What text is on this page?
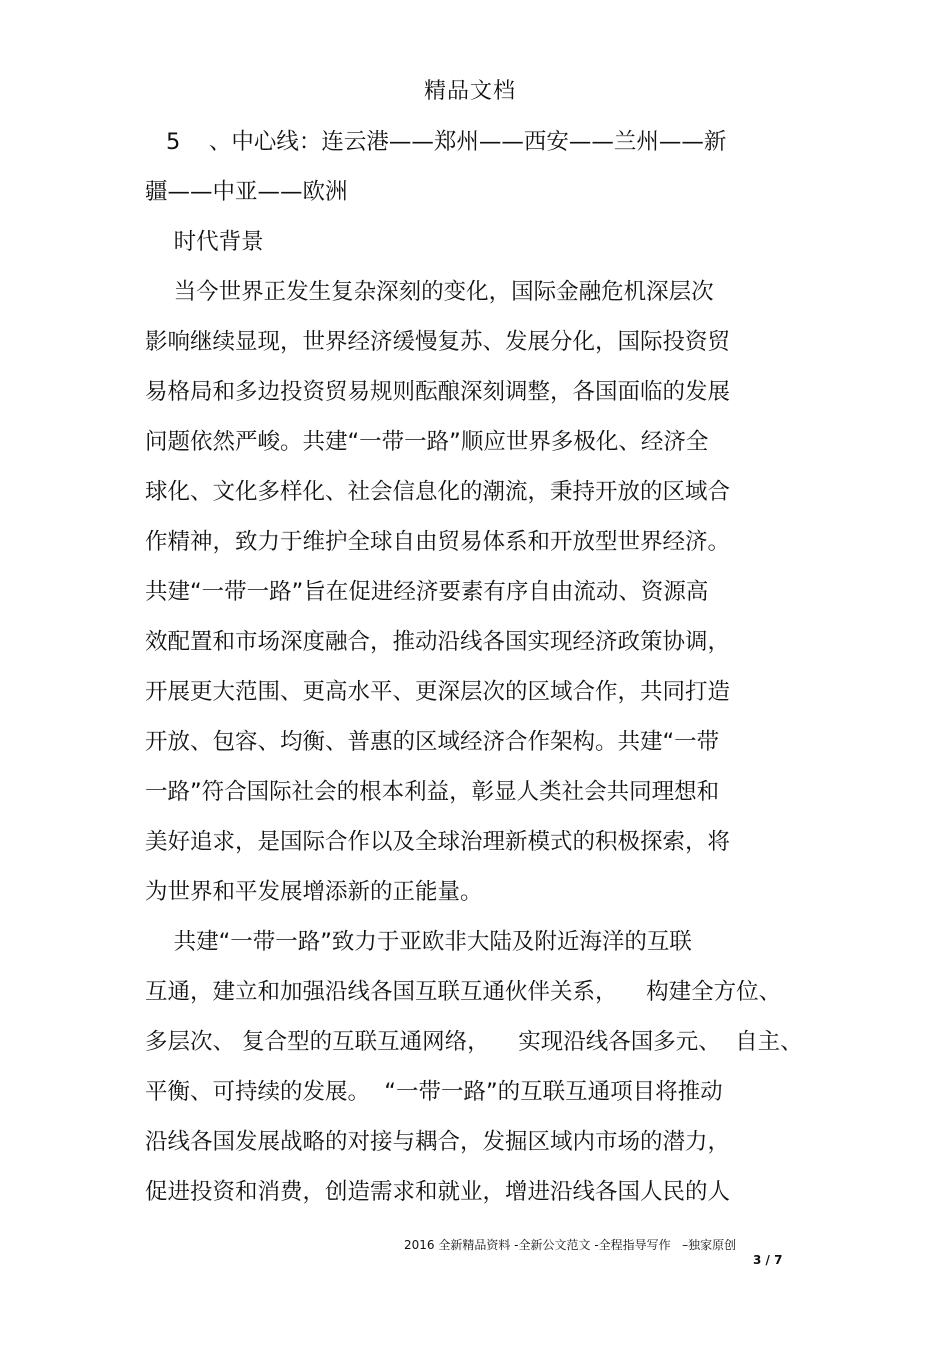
精品文档
5    、中心线：连云港——郑州——西安——兰州——新
疆——中亚——欧洲
时代背景
当今世界正发生复杂深刻的变化，国际金融危机深层次
影响继续显现，世界经济缓慢复苏、发展分化，国际投资贸
易格局和多边投资贸易规则酝酿深刻调整，各国面临的发展
问题依然严峻。共建“一带一路”顺应世界多极化、经济全
球化、文化多样化、社会信息化的潮流，秉持开放的区域合
作精神，致力于维护全球自由贸易体系和开放型世界经济。
共建“一带一路”旨在促进经济要素有序自由流动、资源高
效配置和市场深度融合，推动沿线各国实现经济政策协调，
开展更大范围、更高水平、更深层次的区域合作，共同打造
开放、包容、均衡、普惠的区域经济合作架构。共建“一带
一路”符合国际社会的根本利益，彰显人类社会共同理想和
美好追求，是国际合作以及全球治理新模式的积极探索，将
为世界和平发展增添新的正能量。
共建“一带一路”致力于亚欧非大陆及附近海洋的互联
互通，建立和加强沿线各国互联互通伙伴关系，    构建全方位、
多层次、 复合型的互联互通网络，    实现沿线各国多元、  自主、
平衡、可持续的发展。  “一带一路”的互联互通项目将推动
沿线各国发展战略的对接与耦合，发掘区域内市场的潜力，
促进投资和消费，创造需求和就业，增进沿线各国人民的人
2016 全新精品资料 -全新公文范文 -全程指导写作   –独家原创
3 / 7
